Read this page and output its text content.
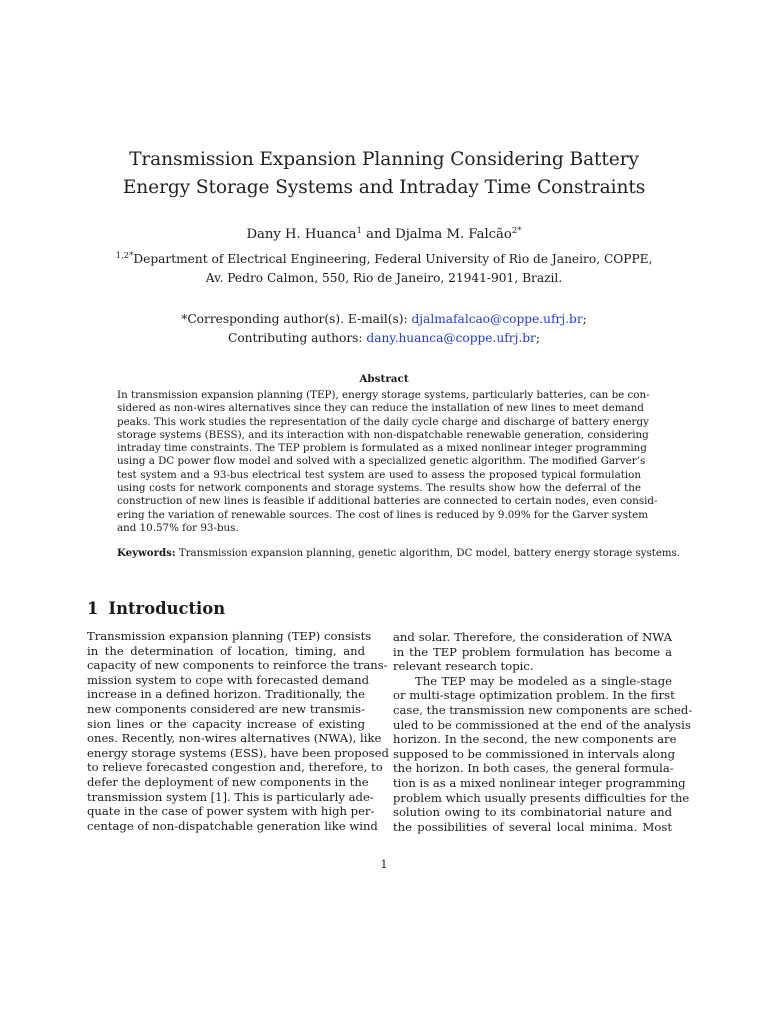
Transmission Expansion Planning Considering Battery
Energy Storage Systems and Intraday Time Constraints
Dany H. Huanca$^1$ and Djalma M. Falcão$^{2*}$
$^{1,2*}$Department of Electrical Engineering, Federal University of Rio de Janeiro, COPPE,
Av. Pedro Calmon, 550, Rio de Janeiro, 21941-901, Brazil.
*Corresponding author(s). E-mail(s): djalmafalcao@coppe.ufrj.br;
Contributing authors: dany.huanca@coppe.ufrj.br;
Abstract
In transmission expansion planning (TEP), energy storage systems, particularly batteries, can be con-
sidered as non-wires alternatives since they can reduce the installation of new lines to meet demand
peaks. This work studies the representation of the daily cycle charge and discharge of battery energy
storage systems (BESS), and its interaction with non-dispatchable renewable generation, considering
intraday time constraints. The TEP problem is formulated as a mixed nonlinear integer programming
using a DC power flow model and solved with a specialized genetic algorithm. The modified Garver’s
test system and a 93-bus electrical test system are used to assess the proposed typical formulation
using costs for network components and storage systems. The results show how the deferral of the
construction of new lines is feasible if additional batteries are connected to certain nodes, even consid-
ering the variation of renewable sources. The cost of lines is reduced by 9.09% for the Garver system
and 10.57% for 93-bus.
Keywords: Transmission expansion planning, genetic algorithm, DC model, battery energy storage systems.
1 Introduction
Transmission expansion planning (TEP) consists
in the determination of location, timing, and
capacity of new components to reinforce the trans-
mission system to cope with forecasted demand
increase in a defined horizon. Traditionally, the
new components considered are new transmis-
sion lines or the capacity increase of existing
ones. Recently, non-wires alternatives (NWA), like
energy storage systems (ESS), have been proposed
to relieve forecasted congestion and, therefore, to
defer the deployment of new components in the
transmission system [1]. This is particularly ade-
quate in the case of power system with high per-
centage of non-dispatchable generation like wind
and solar. Therefore, the consideration of NWA
in the TEP problem formulation has become a
relevant research topic.
The TEP may be modeled as a single-stage
or multi-stage optimization problem. In the first
case, the transmission new components are sched-
uled to be commissioned at the end of the analysis
horizon. In the second, the new components are
supposed to be commissioned in intervals along
the horizon. In both cases, the general formula-
tion is as a mixed nonlinear integer programming
problem which usually presents difficulties for the
solution owing to its combinatorial nature and
the possibilities of several local minima. Most
1
